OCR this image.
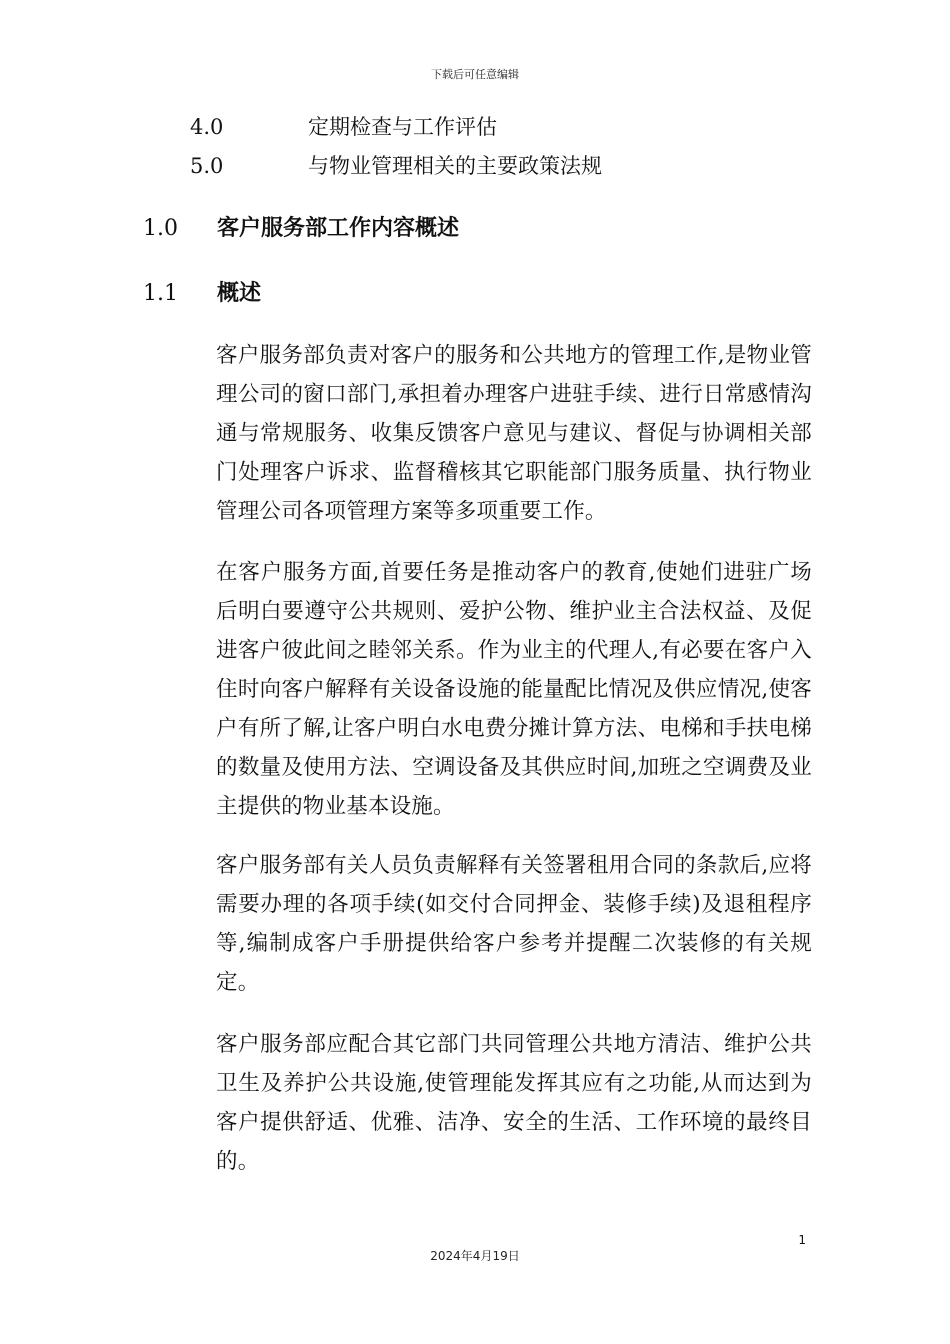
下载后可任意编辑
4.0	定期检查与工作评估
5.0	与物业管理相关的主要政策法规
1.0 客户服务部工作内容概述
1.1 概述

客户服务部负责对客户的服务和公共地方的管理工作,是物业管理公司的窗口部门,承担着办理客户进驻手续、进行日常感情沟通与常规服务、收集反馈客户意见与建议、督促与协调相关部门处理客户诉求、监督稽核其它职能部门服务质量、执行物业管理公司各项管理方案等多项重要工作。

在客户服务方面,首要任务是推动客户的教育,使她们进驻广场后明白要遵守公共规则、爱护公物、维护业主合法权益、及促进客户彼此间之睦邻关系。作为业主的代理人,有必要在客户入住时向客户解释有关设备设施的能量配比情况及供应情况,使客户有所了解,让客户明白水电费分摊计算方法、电梯和手扶电梯的数量及使用方法、空调设备及其供应时间,加班之空调费及业主提供的物业基本设施。

客户服务部有关人员负责解释有关签署租用合同的条款后,应将需要办理的各项手续(如交付合同押金、装修手续)及退租程序等,编制成客户手册提供给客户参考并提醒二次装修的有关规定。

客户服务部应配合其它部门共同管理公共地方清洁、维护公共卫生及养护公共设施,使管理能发挥其应有之功能,从而达到为客户提供舒适、优雅、洁净、安全的生活、工作环境的最终目的。

1
2024年4月19日
